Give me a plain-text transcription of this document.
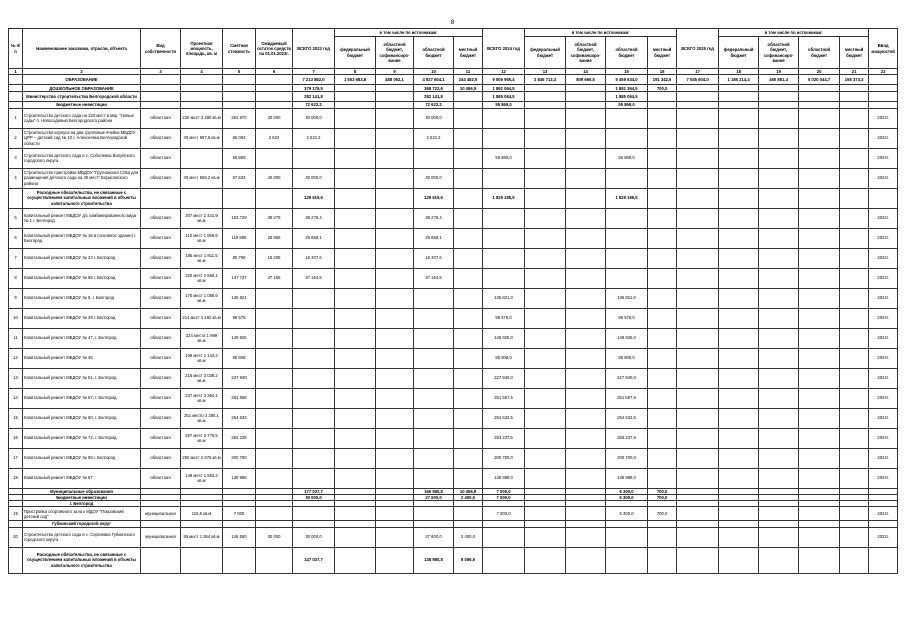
8
№ п/п	Наименование заказчика, отрасли, объекта	Вид собственности	Проектная мощность, площадь, кв. м	Сметная стоимость	Ожидаемый остаток средств на 01.01.2023г.	ВСЕГО 2023 год	в том числе по источникам:				ВСЕГО 2024 год	в том числе по источникам:				ВСЕГО 2025 год	в том числе по источникам:				Ввод мощностей
							федеральный бюджет	областной бюджет, софинансиро-вание	областной бюджет	местный бюджет		федеральный бюджет	областной бюджет, софинансиро-вание	областной бюджет	местный бюджет		федеральный бюджет	областной бюджет, софинансиро-вание	областной бюджет	местный бюджет	
1	2	3	4	5	6	7	8	9	10	11	12	13	14	15	16	17	18	19	20	21	22
	ОБРАЗОВАНИЕ					7 213 862,0	1 553 683,8	488 092,1	4 927 604,1	244 482,9	9 506 955,4	2 845 713,3	809 665,5	5 459 634,0	191 342,6	7 045 604,0	1 185 214,4	460 851,4	5 020 044,7	165 373,3	
	ДОШКОЛЬНОЕ ОБРАЗОВАНИЕ					379 179,5			368 722,6	10 456,9	1 892 064,5			1 891 364,5	700,0						
	Министерство строительства Белгородской области					282 141,8			282 141,8		1 885 064,5			1 885 064,5							
	Бюджетные инвестиции					72 622,2			72 622,2		55 869,0			55 869,0							
1	Строительство детского сада на 220 мест в мкр. "Новые сады" п. Новосадовый Белгородского района	областная	220 мест 3 280 кв.м	283 870	20 000	30 000,0			30 000,0												2022г.
2	Строительство корпуса на два групповые ячейки МБДОУ ЦРР – детский сад № 10 г. Алексеевка Белгородской области	областная	40 мест 997,6 кв.м	65 093	2 622	2 622,2			2 622,2												2022г.
3	Строительство детского сада в с. Соболевка Валуйского городского округа	областная		55 869							55 869,0			55 869,0							2024г.
4	Строительство пристройки МБДОУ "Грузчанская СОШ для размещения детского сада на 40 мест" Борисовского района	областная	40 мест 558,2 кв.м	67 633	40 000	40 000,0			40 000,0												2023г.
	Расходные обязательства, не связанные с осуществлением капитальных вложений в объекты капитального строительства					129 519,6			129 519,6		1 829 195,5			1 829 195,5							
5	Капитальный ремонт МБДОУ д/с комбинированного вида № 1 г. Белгород	областная	307 мест 2 441,9 кв.м	153 729	38 279	38 279,4			38 279,4												2022г.
6	Капитальный ремонт МБДОУ № 16 в (основное здание) г. Белгород	областная	110 мест 1 069,9 кв.м	119 895	25 868	25 868,1			25 868,1												2022г.
7	Капитальный ремонт МБДОУ № 23 г. Белгород	областная	185 мест 1 811,5 кв.м	80 798	18 208	18 207,6			18 207,6												2022г.
8	Капитальный ремонт МБДОУ № 85 г. Белгород	областная	320 мест 2 660,1 кв.м	137 737	47 165	47 164,5			47 164,5												2022г.
9	Капитальный ремонт МБДОУ № 6, г. Белгород	областная	175 мест 1 088,6 кв.м	136 821							136 821,0			136 821,0							2024г.
10	Капитальный ремонт МБДОУ № 39 г. Белгород	областная	214 мест 1 192 кв.м	99 576							99 576,0			99 576,0							2024г.
11	Капитальный ремонт МБДОУ № 47, г. Белгород	областная	224 места 1 999 кв.м	149 925							149 925,0			149 925,0							2024г.
12	Капитальный ремонт МБДОУ № 45	областная	109 мест 1 144,3 кв.м	85 808							85 808,0			85 808,0							2024г.
13	Капитальный ремонт МБДОУ № 51, г. Белгород	областная	216 мест 3 038,2 кв.м	227 940							227 940,0			227 940,0							2024г.
14	Капитальный ремонт МБДОУ № 57, г. Белгород	областная	237 мест 3 354,1 кв.м	251 558							251 557,5			251 557,5							2024г.
15	Капитальный ремонт МБДОУ № 60, г. Белгород	областная	251 место 3 395,1 кв.м	254 633							254 632,5			254 632,5							2024г.
16	Капитальный ремонт МБДОУ № 72, г. Белгород	областная	267 мест 3 776,5 кв.м	283 238							283 237,5			283 237,5							2024г.
17	Капитальный ремонт МБДОУ № 89 г. Белгород	областная	250 мест 2 676 кв.м	200 700							200 700,0			200 700,0							2024г.
18	Капитальный ремонт МБДОУ № 87	областная	148 мест 1 853,3 кв.м	138 998							138 998,0			138 998,0							2024г.
	Муниципальные образования					177 037,7			166 580,8	10 456,9	7 000,0			6 300,0	700,0						
	Бюджетные инвестиции					30 000,0			27 600,0	2 400,0	7 000,0			6 300,0	700,0						
	г. Белгород																				
19	Пристройка спортивного зала к МДОУ "Покровский детский сад"	муниципальная	115,5 кв.м	7 000							7 000,0			6 300,0	700,0						2024г.
	Губкинский городской округ																				
20	Строительство детского сада в с. Сергиевка Губкинского городского округа	муниципальная	55 мест 1 954 кв.м	146 550	30 000	30 000,0			27 600,0	2 400,0											2022г.
	Расходные обязательства, не связанные с осуществлением капитальных вложений в объекты капитального строительства					147 037,7			138 980,8	8 056,9											
